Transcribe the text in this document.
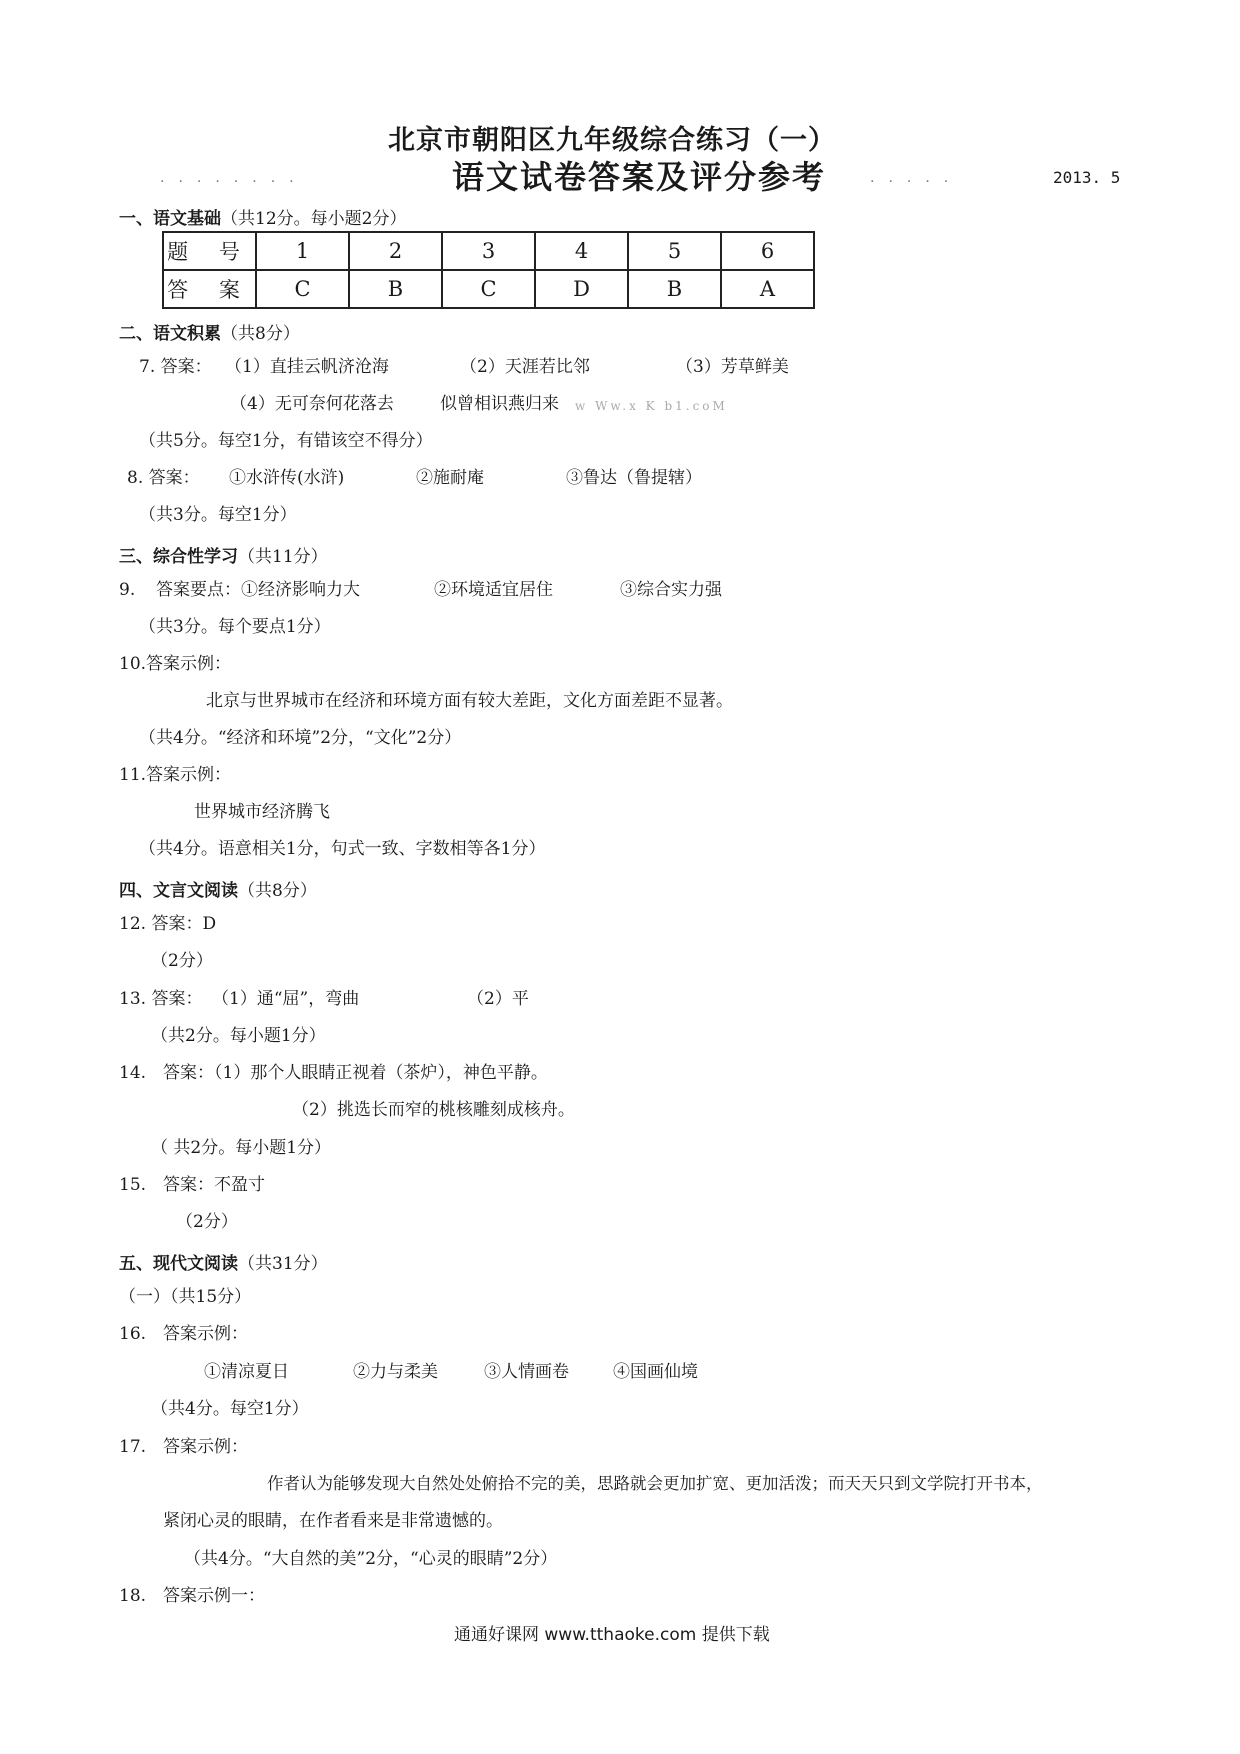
北京市朝阳区九年级综合练习（一）
........	语文试卷答案及评分参考	.....	2013. 5
一、语文基础（共12分。每小题2分）
题 号	1	2	3	4	5	6
答 案	C	B	C	D	B	A
二、语文积累（共8分）
7. 答案： （1）直挂云帆济沧海	（2）天涯若比邻	（3）芳草鲜美
（4）无可奈何花落去	似曾相识燕归来 w Ww.x K b1.coM
（共5分。每空1分，有错该空不得分）
8. 答案： ①水浒传(水浒)	②施耐庵	③鲁达（鲁提辖）
（共3分。每空1分）
三、综合性学习（共11分）
9. 答案要点：①经济影响力大	②环境适宜居住	③综合实力强
（共3分。每个要点1分）
10.答案示例：
北京与世界城市在经济和环境方面有较大差距，文化方面差距不显著。
（共4分。“经济和环境”2分，“文化”2分）
11.答案示例：
世界城市经济腾飞
（共4分。语意相关1分，句式一致、字数相等各1分）
四、文言文阅读（共8分）
12. 答案：D
（2分）
13. 答案： （1）通“屈”，弯曲	（2）平
（共2分。每小题1分）
14. 答案：（1）那个人眼睛正视着（茶炉），神色平静。
（2）挑选长而窄的桃核雕刻成核舟。
（ 共2分。每小题1分）
15. 答案：不盈寸
（2分）
五、现代文阅读（共31分）
（一）（共15分）
16. 答案示例：
①清凉夏日	②力与柔美	③人情画卷	④国画仙境
（共4分。每空1分）
17. 答案示例：
作者认为能够发现大自然处处俯拾不完的美，思路就会更加扩宽、更加活泼；而天天只到文学院打开书本，
紧闭心灵的眼睛，在作者看来是非常遗憾的。
（共4分。“大自然的美”2分，“心灵的眼睛”2分）
18. 答案示例一：
通通好课网 www.tthaoke.com 提供下载
